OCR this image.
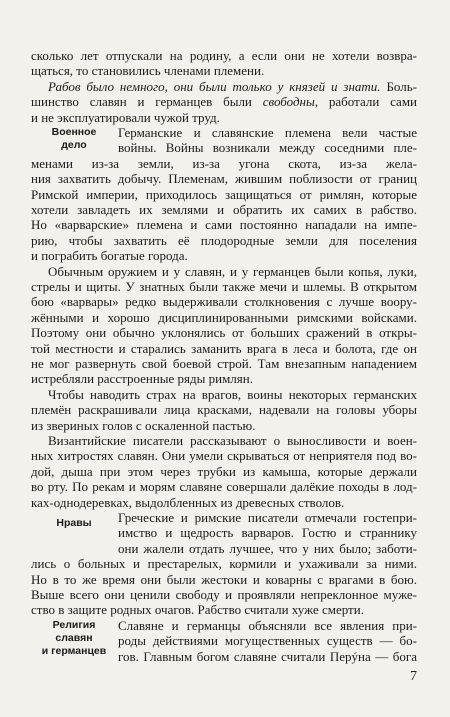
сколько лет отпускали на родину, а если они не хотели возвра-
щаться, то становились членами племени.
Рабов было немного, они были только у князей и знати. Боль-
шинство славян и германцев были свободны, работали сами
и не эксплуатировали чужой труд.
Военное
дело
Германские и славянские племена вели частые
войны. Войны возникали между соседними пле-
менами из-за земли, из-за угона скота, из-за жела-
ния захватить добычу. Племенам, жившим поблизости от границ
Римской империи, приходилось защищаться от римлян, которые
хотели завладеть их землями и обратить их самих в рабство.
Но «варварские» племена и сами постоянно нападали на импе-
рию, чтобы захватить её плодородные земли для поселения
и пограбить богатые города.
Обычным оружием и у славян, и у германцев были копья, луки,
стрелы и щиты. У знатных были также мечи и шлемы. В открытом
бою «варвары» редко выдерживали столкновения с лучше воору-
жёнными и хорошо дисциплинированными римскими войсками.
Поэтому они обычно уклонялись от больших сражений в откры-
той местности и старались заманить врага в леса и болота, где он
не мог развернуть свой боевой строй. Там внезапным нападением
истребляли расстроенные ряды римлян.
Чтобы наводить страх на врагов, воины некоторых германских
племён раскрашивали лица красками, надевали на головы уборы
из звериных голов с оскаленной пастью.
Византийские писатели рассказывают о выносливости и воен-
ных хитростях славян. Они умели скрываться от неприятеля под во-
дой, дыша при этом через трубки из камыша, которые держали
во рту. По рекам и морям славяне совершали далёкие походы в лод-
ках-однодеревках, выдолбленных из древесных стволов.
Нравы	Греческие и римские писатели отмечали гостепри-
имство и щедрость варваров. Гостю и страннику
они жалели отдать лучшее, что у них было; заботи-
лись о больных и престарелых, кормили и ухаживали за ними.
Но в то же время они были жестоки и коварны с врагами в бою.
Выше всего они ценили свободу и проявляли непреклонное муже-
ство в защите родных очагов. Рабство считали хуже смерти.
Религия
славян
и германцев
Славяне и германцы объясняли все явления при-
роды действиями могущественных существ — бо-
гов. Главным богом славяне считали Перýна — бога
7
